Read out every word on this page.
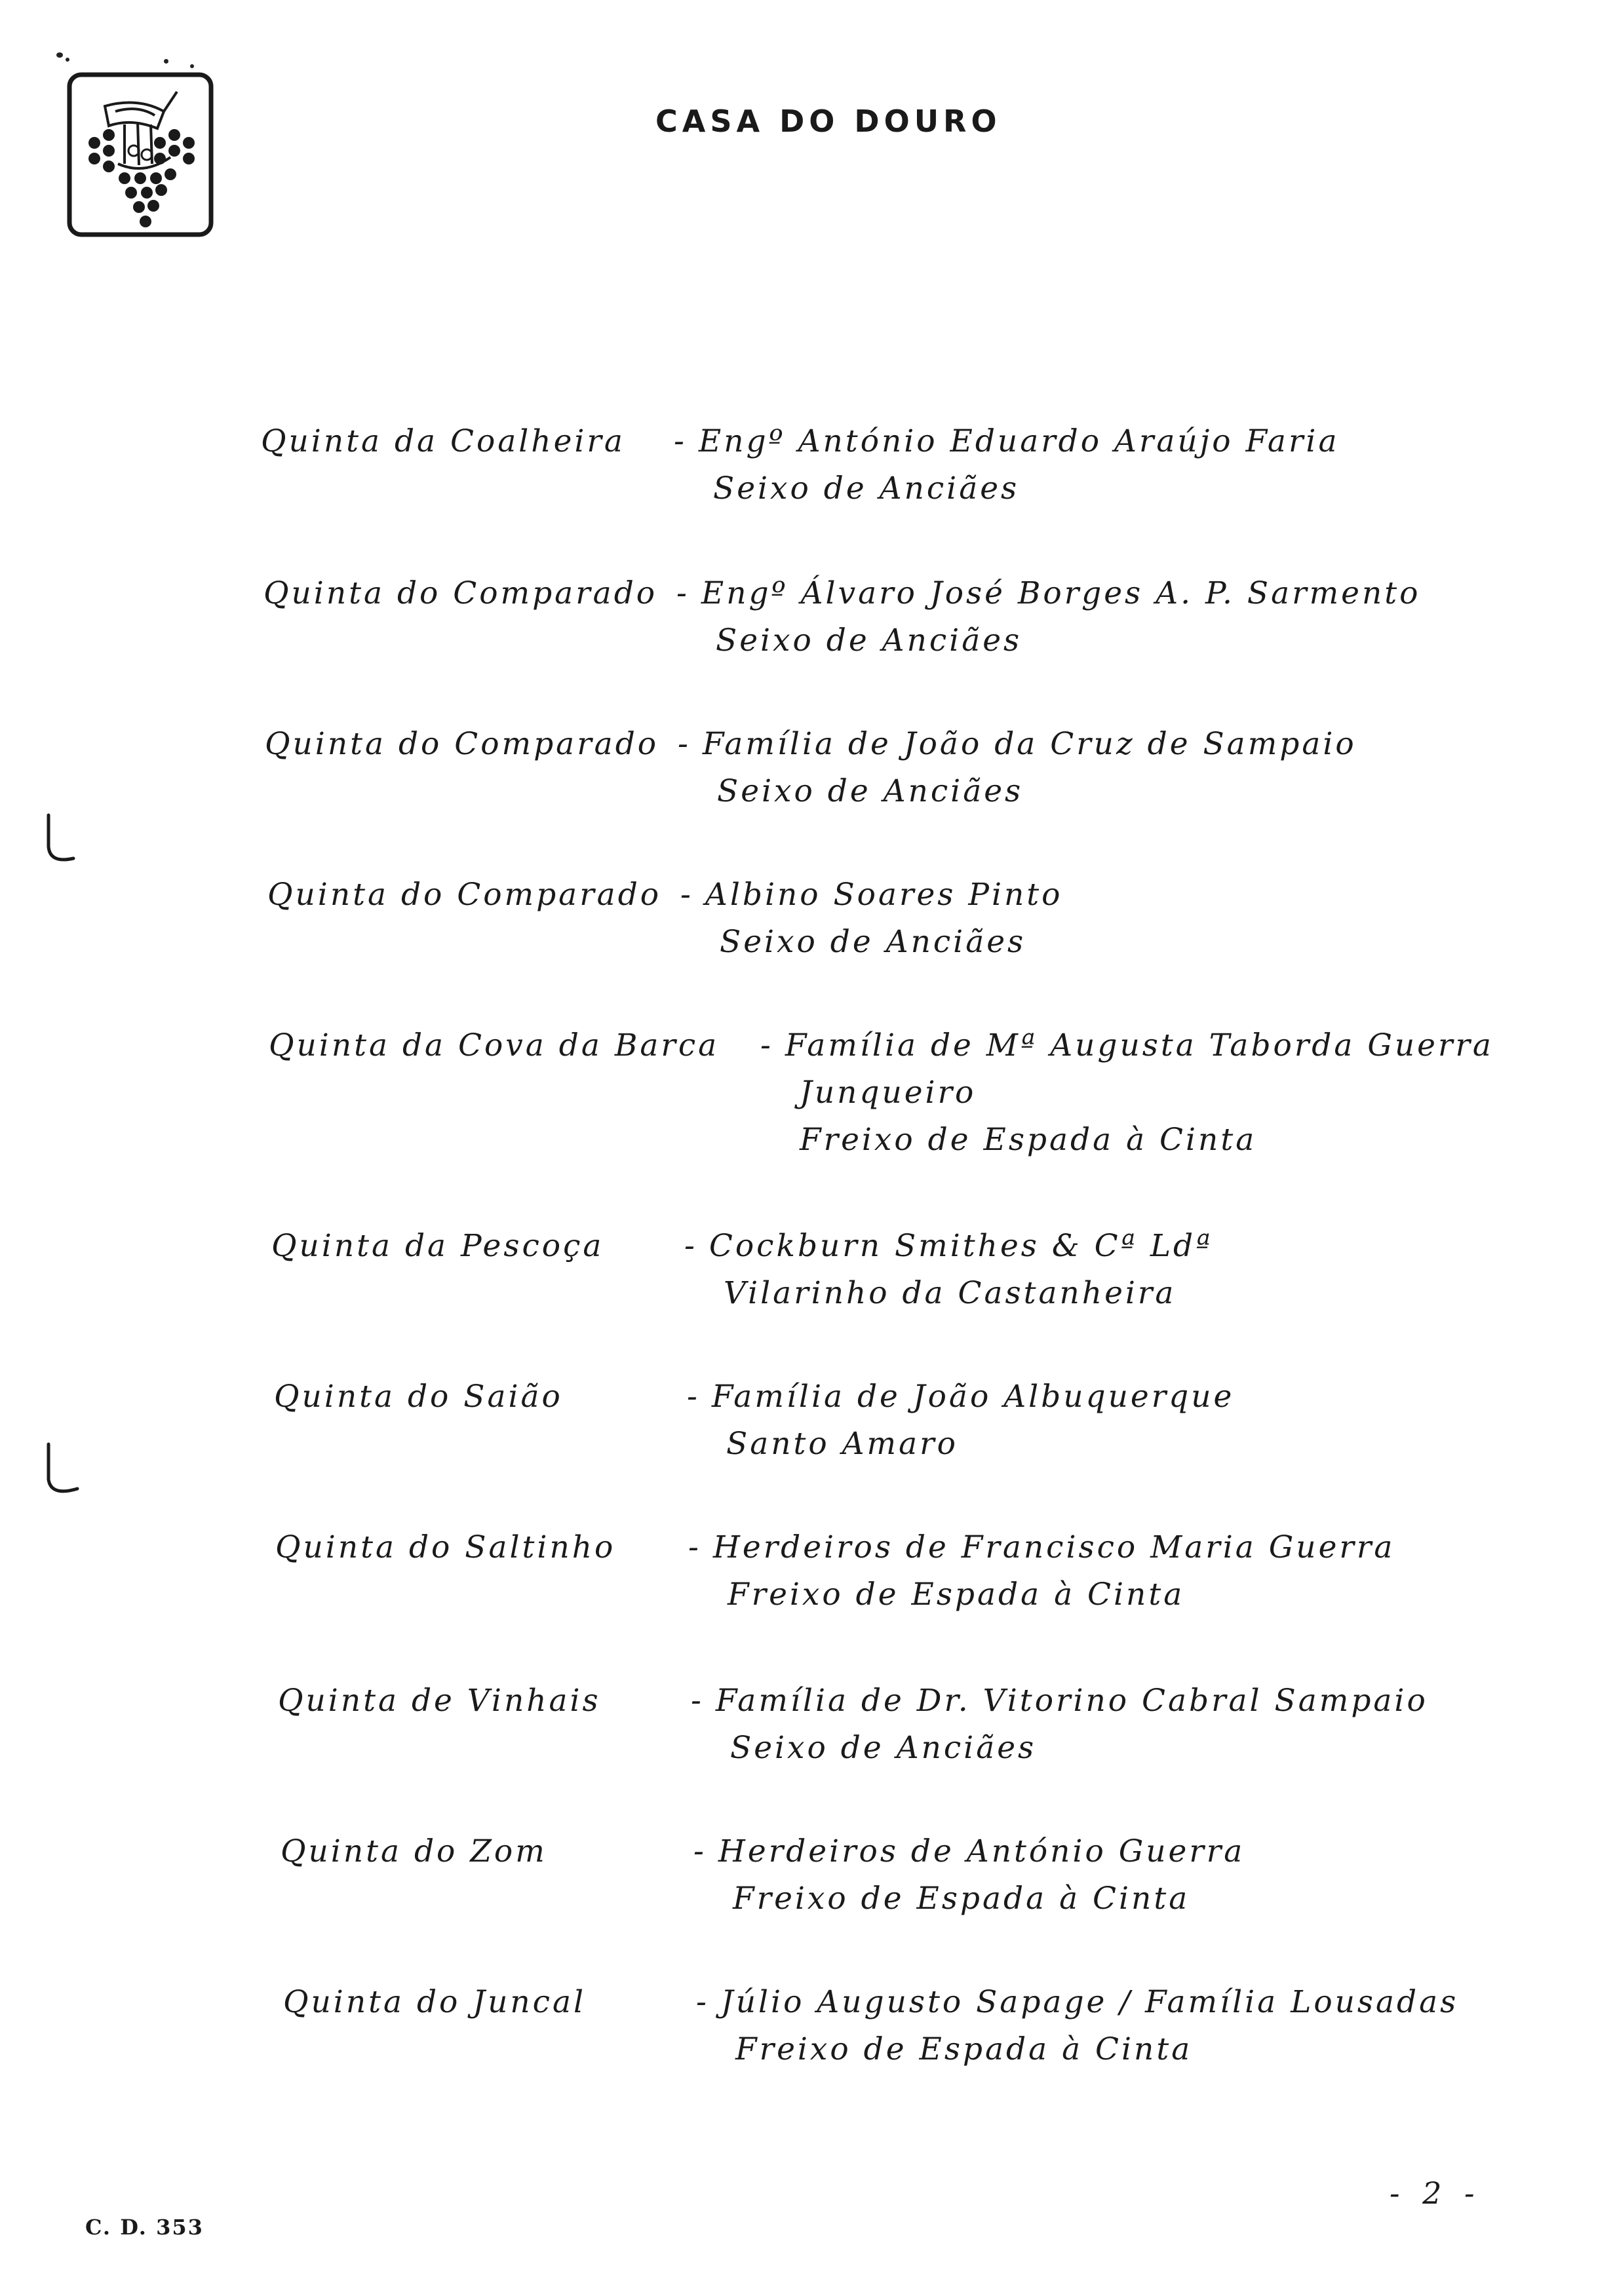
CASA DO DOURO
Quinta da Coalheira - Engº António Eduardo Araújo Faria
Seixo de Anciães
Quinta do Comparado - Engº Álvaro José Borges A. P. Sarmento
Seixo de Anciães
Quinta do Comparado - Família de João da Cruz de Sampaio
Seixo de Anciães
Quinta do Comparado - Albino Soares Pinto
Seixo de Anciães
Quinta da Cova da Barca - Família de Mª Augusta Taborda Guerra
Junqueiro
Freixo de Espada à Cinta
Quinta da Pescoça	- Cockburn Smithes & Cª Ldª
Vilarinho da Castanheira
Quinta do Saião	- Família de João Albuquerque
Santo Amaro
Quinta do Saltinho - Herdeiros de Francisco Maria Guerra
Freixo de Espada à Cinta
Quinta de Vinhais	- Família de Dr. Vitorino Cabral Sampaio
Seixo de Anciães
Quinta do Zom	- Herdeiros de António Guerra
Freixo de Espada à Cinta
Quinta do Juncal	- Júlio Augusto Sapage / Família Lousadas
Freixo de Espada à Cinta
C. D. 353
- 2 -
